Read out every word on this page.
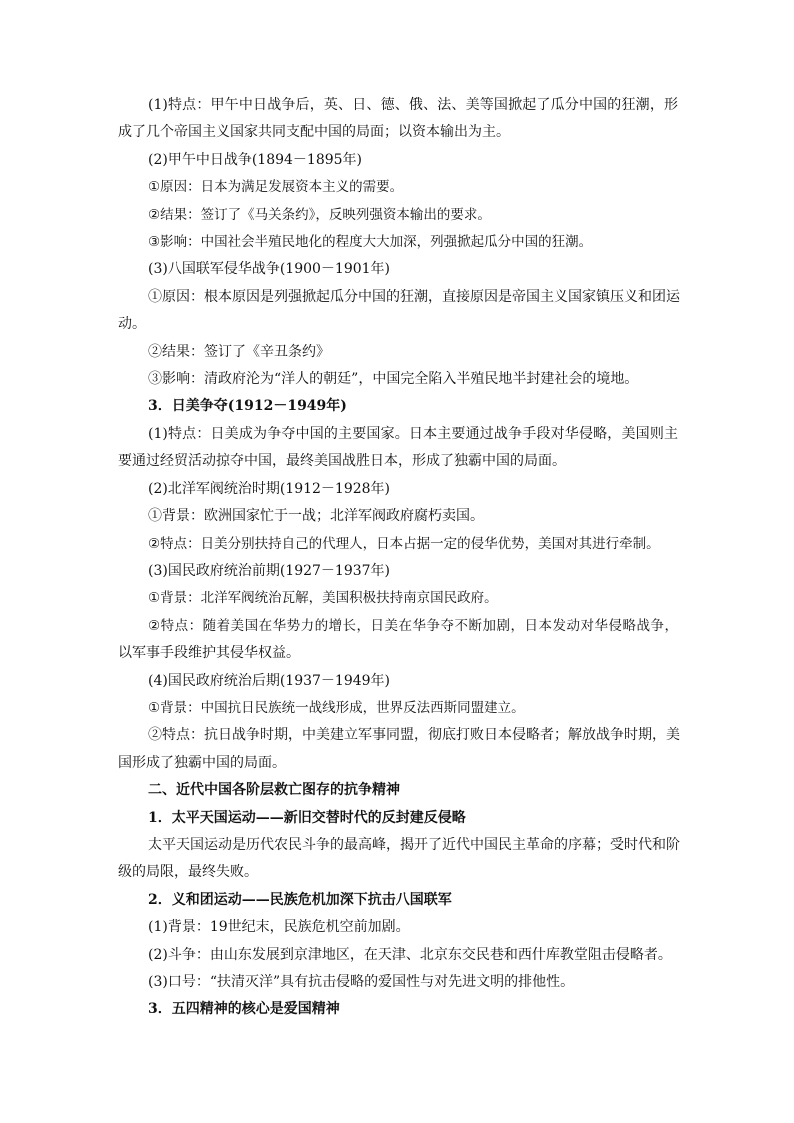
(1)特点：甲午中日战争后，英、日、德、俄、法、美等国掀起了瓜分中国的狂潮，形
成了几个帝国主义国家共同支配中国的局面；以资本输出为主。
(2)甲午中日战争(1894－1895年)
①原因：日本为满足发展资本主义的需要。
②结果：签订了《马关条约》，反映列强资本输出的要求。
③影响：中国社会半殖民地化的程度大大加深，列强掀起瓜分中国的狂潮。
(3)八国联军侵华战争(1900－1901年)
①原因：根本原因是列强掀起瓜分中国的狂潮，直接原因是帝国主义国家镇压义和团运
动。
②结果：签订了《辛丑条约》
③影响：清政府沦为“洋人的朝廷”，中国完全陷入半殖民地半封建社会的境地。
3．日美争夺(1912－1949年)
(1)特点：日美成为争夺中国的主要国家。日本主要通过战争手段对华侵略，美国则主
要通过经贸活动掠夺中国，最终美国战胜日本，形成了独霸中国的局面。
(2)北洋军阀统治时期(1912－1928年)
①背景：欧洲国家忙于一战；北洋军阀政府腐朽卖国。
②特点：日美分别扶持自己的代理人，日本占据一定的侵华优势，美国对其进行牵制。
(3)国民政府统治前期(1927－1937年)
①背景：北洋军阀统治瓦解，美国积极扶持南京国民政府。
②特点：随着美国在华势力的增长，日美在华争夺不断加剧，日本发动对华侵略战争，
以军事手段维护其侵华权益。
(4)国民政府统治后期(1937－1949年)
①背景：中国抗日民族统一战线形成，世界反法西斯同盟建立。
②特点：抗日战争时期，中美建立军事同盟，彻底打败日本侵略者；解放战争时期，美
国形成了独霸中国的局面。
二、近代中国各阶层救亡图存的抗争精神
1．太平天国运动——新旧交替时代的反封建反侵略
太平天国运动是历代农民斗争的最高峰，揭开了近代中国民主革命的序幕；受时代和阶
级的局限，最终失败。
2．义和团运动——民族危机加深下抗击八国联军
(1)背景：19世纪末，民族危机空前加剧。
(2)斗争：由山东发展到京津地区，在天津、北京东交民巷和西什库教堂阻击侵略者。
(3)口号：“扶清灭洋”具有抗击侵略的爱国性与对先进文明的排他性。
3．五四精神的核心是爱国精神
